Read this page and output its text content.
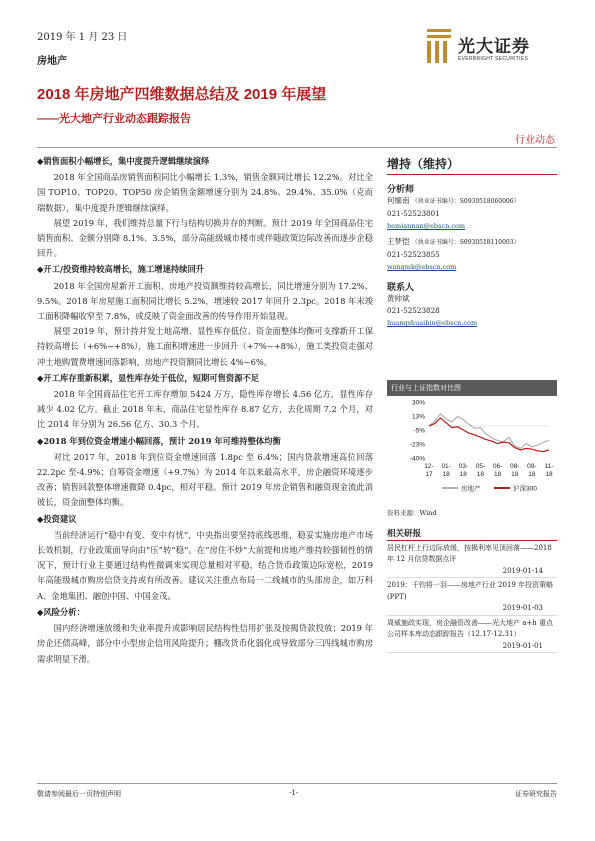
2019 年 1 月 23 日
房地产
光大证券
EVERBRIGHT SECURITIES
2018 年房地产四维数据总结及 2019 年展望
——光大地产行业动态跟踪报告
行业动态
◆销售面积小幅增长，集中度提升逻辑继续演绎

2018 年全国商品房销售面积同比小幅增长 1.3%，销售金额同比增长 12.2%。对比全国 TOP10、TOP20、TOP50 房企销售金额增速分别为 24.8%、29.4%、35.0%（克而瑞数据），集中度提升逻辑继续演绎。

展望 2019 年，我们维持总量下行与结构切换并存的判断。预计 2019 年全国商品住宅销售面积、金额分别降 8.1%、3.5%，部分高能级城市楼市或伴随政策边际改善而逐步企稳回升。

◆开工/投资维持较高增长，施工增速持续回升

2018 年全国房屋新开工面积、房地产投资额维持较高增长，同比增速分别为 17.2%、9.5%。2018 年房屋施工面积同比增长 5.2%，增速较 2017 年回升 2.3pc。2018 年末竣工面积降幅收窄至 7.8%，或反映了资金面改善的传导作用开始显现。

展望 2019 年，预计持并发土地高增、显性库存低位、资金面整体均衡可支撑新开工保持较高增长（+6%~+8%），施工面积增速进一步回升（+7%~+8%），施工类投资走强对冲土地购置费增速回落影响，房地产投资额同比增长 4%~6%。

◆开工库存重新积累，显性库存处于低位，短期可售资源不足

2018 年全国商品住宅开工库存增加 5424 万方，隐性库存增长 4.56 亿方，显性库存减少 4.02 亿方。截止 2018 年末，商品住宅显性库存 8.87 亿方，去化周期 7.2 个月，对比 2014 年分别为 26.56 亿方、30.3 个月。

◆2018 年到位资金增速小幅回落，预计 2019 年可维持整体均衡

对比 2017 年，2018 年到位资金增速回落 1.8pc 至 6.4%；国内贷款增速高位回落 22.2pc 至-4.9%；自筹资金增速（+9.7%）为 2014 年以来最高水平，房企融资环境逐步改善；销售回款整体增速微降 0.4pc，相对平稳。预计 2019 年房企销售和融资现金流此消彼长，资金面整体均衡。

◆投资建议

当前经济运行“稳中有变、变中有忧”，中央指出要坚持底线思维，稳妥实施房地产市场长效机制，行业政策面导向由“压”转“稳”。在“房住不炒”大前提和房地产维持较强韧性的情况下，预计行业主要通过结构性微调来实现总量相对平稳，结合货币政策边际宽松，2019 年高能级城市购房信贷支持或有所改善。建议关注重点布局一二线城市的头部房企，如万科 A、金地集团、融创中国、中国金茂。

◆风险分析：

国内经济增速放缓和失业率提升或影响居民结构性信用扩张及按揭贷款投放；2019 年房企还债高峰，部分中小型房企信用风险提升；棚改货币化弱化或导致部分三四线城市购房需求明显下滑。

增持（维持）
分析师
何缅南 （执业证书编号：S0930518060006）
021-52523801
hemiannan@ebscn.com
王梦恺 （执业证书编号：S0930518110003）
021-52523855
wangmk@ebscn.com
联系人
黄帅斌
021-52523828
huangshuaibin@ebscn.com
行业与上证指数对比图
30%
13%
-5%
-23%
-40%
12-17
01-18
03-18
05-18
06-18
08-18
09-18
11-18
房地产	沪深300
资料来源：Wind
相关研报
居民杠杆上行边际放缓，按揭利率见顶回落——2018 年 12 月信贷数据点评
2019-01-14
2019：千钧将一羽——房地产行业 2019 年投资策略(PPT)
2019-01-03
周威施政实现，房企融资改善——光大地产 a+h 重点公司样本库动态跟踪报告（12.17-12.31）
2019-01-01
敬请参阅最后一页特别声明	-1-	证券研究报告
